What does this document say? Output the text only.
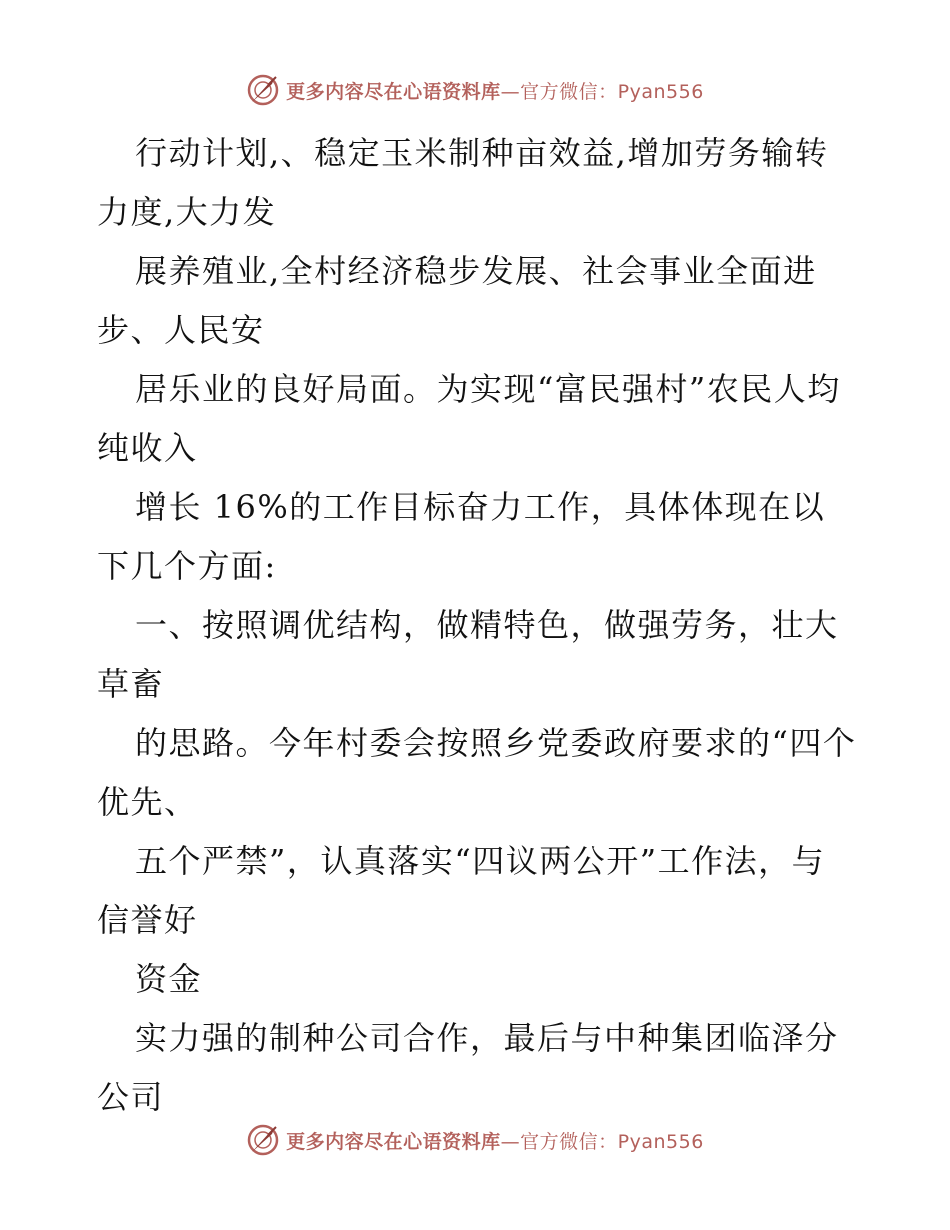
更多内容尽在心语资料库—官方微信：Pyan556

行动计划,、稳定玉米制种亩效益,增加劳务输转力度,大力发

展养殖业,全村经济稳步发展、社会事业全面进步、人民安

居乐业的良好局面。为实现“富民强村”农民人均纯收入

增长 16%的工作目标奋力工作，具体体现在以下几个方面:

一、按照调优结构，做精特色，做强劳务，壮大草畜

的思路。今年村委会按照乡党委政府要求的“四个优先、

五个严禁”，认真落实“四议两公开”工作法，与信誉好

资金

实力强的制种公司合作，最后与中种集团临泽分公司

更多内容尽在心语资料库—官方微信：Pyan556
